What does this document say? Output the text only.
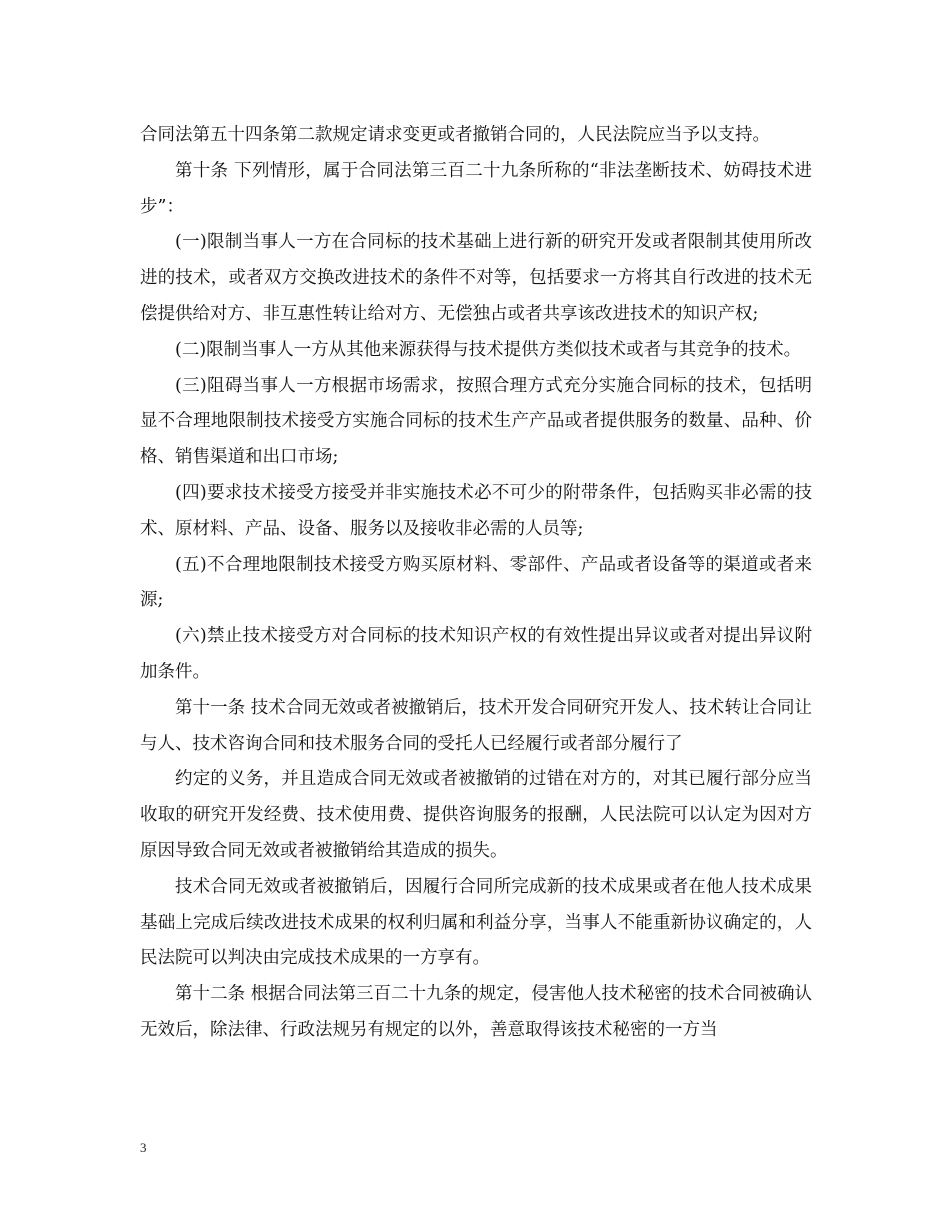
合同法第五十四条第二款规定请求变更或者撤销合同的，人民法院应当予以支持。

第十条 下列情形，属于合同法第三百二十九条所称的“非法垄断技术、妨碍技术进步”：

(一)限制当事人一方在合同标的技术基础上进行新的研究开发或者限制其使用所改进的技术，或者双方交换改进技术的条件不对等，包括要求一方将其自行改进的技术无偿提供给对方、非互惠性转让给对方、无偿独占或者共享该改进技术的知识产权;

(二)限制当事人一方从其他来源获得与技术提供方类似技术或者与其竞争的技术。

(三)阻碍当事人一方根据市场需求，按照合理方式充分实施合同标的技术，包括明显不合理地限制技术接受方实施合同标的技术生产产品或者提供服务的数量、品种、价格、销售渠道和出口市场;

(四)要求技术接受方接受并非实施技术必不可少的附带条件，包括购买非必需的技术、原材料、产品、设备、服务以及接收非必需的人员等;

(五)不合理地限制技术接受方购买原材料、零部件、产品或者设备等的渠道或者来源;

(六)禁止技术接受方对合同标的技术知识产权的有效性提出异议或者对提出异议附加条件。

第十一条 技术合同无效或者被撤销后，技术开发合同研究开发人、技术转让合同让与人、技术咨询合同和技术服务合同的受托人已经履行或者部分履行了

约定的义务，并且造成合同无效或者被撤销的过错在对方的，对其已履行部分应当收取的研究开发经费、技术使用费、提供咨询服务的报酬，人民法院可以认定为因对方原因导致合同无效或者被撤销给其造成的损失。

技术合同无效或者被撤销后，因履行合同所完成新的技术成果或者在他人技术成果基础上完成后续改进技术成果的权利归属和利益分享，当事人不能重新协议确定的，人民法院可以判决由完成技术成果的一方享有。

第十二条 根据合同法第三百二十九条的规定，侵害他人技术秘密的技术合同被确认无效后，除法律、行政法规另有规定的以外，善意取得该技术秘密的一方当

3
